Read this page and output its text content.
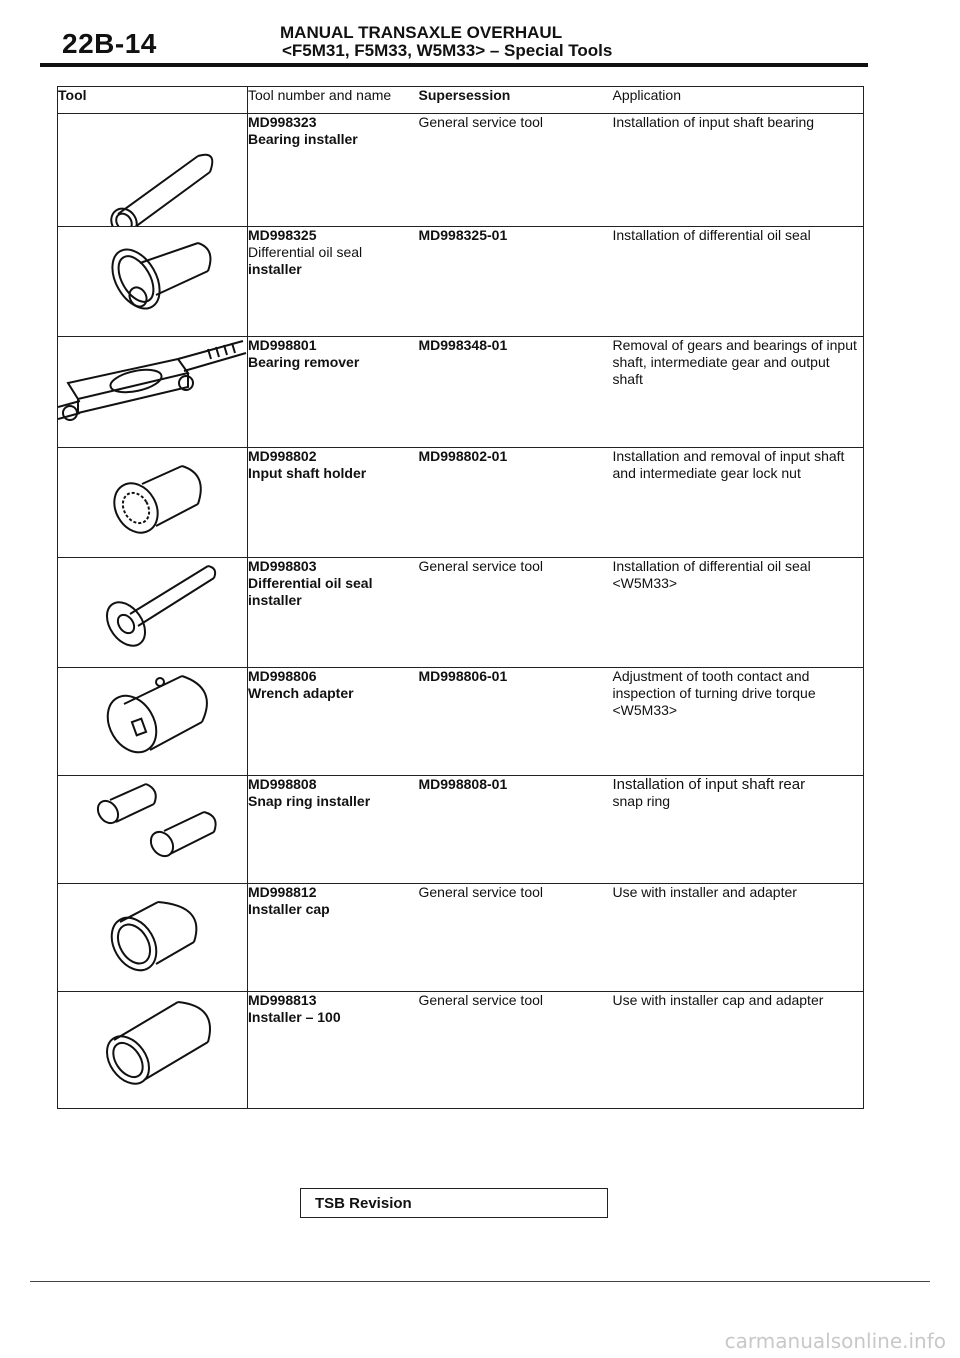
22B-14	MANUAL TRANSAXLE OVERHAUL
<F5M31, F5M33, W5M33> – Special Tools
Tool	Tool number and name	Supersession	Application

MD998323
Bearing installer	General service tool	Installation of input shaft bearing

MD998325
Differential oil seal
installer	MD998325-01	Installation of differential oil seal

MD998801
Bearing remover	MD998348-01	Removal of gears and bearings of input shaft, intermediate gear and output shaft

MD998802
Input shaft holder	MD998802-01	Installation and removal of input shaft and intermediate gear lock nut

MD998803
Differential oil seal
installer	General service tool	Installation of differential oil seal <W5M33>

MD998806
Wrench adapter	MD998806-01	Adjustment of tooth contact and inspection of turning drive torque <W5M33>

MD998808
Snap ring installer	MD998808-01	Installation of input shaft rear
snap ring

MD998812
Installer cap	General service tool	Use with installer and adapter

MD998813
Installer – 100	General service tool	Use with installer cap and adapter
TSB Revision
carmanualsonline.info
